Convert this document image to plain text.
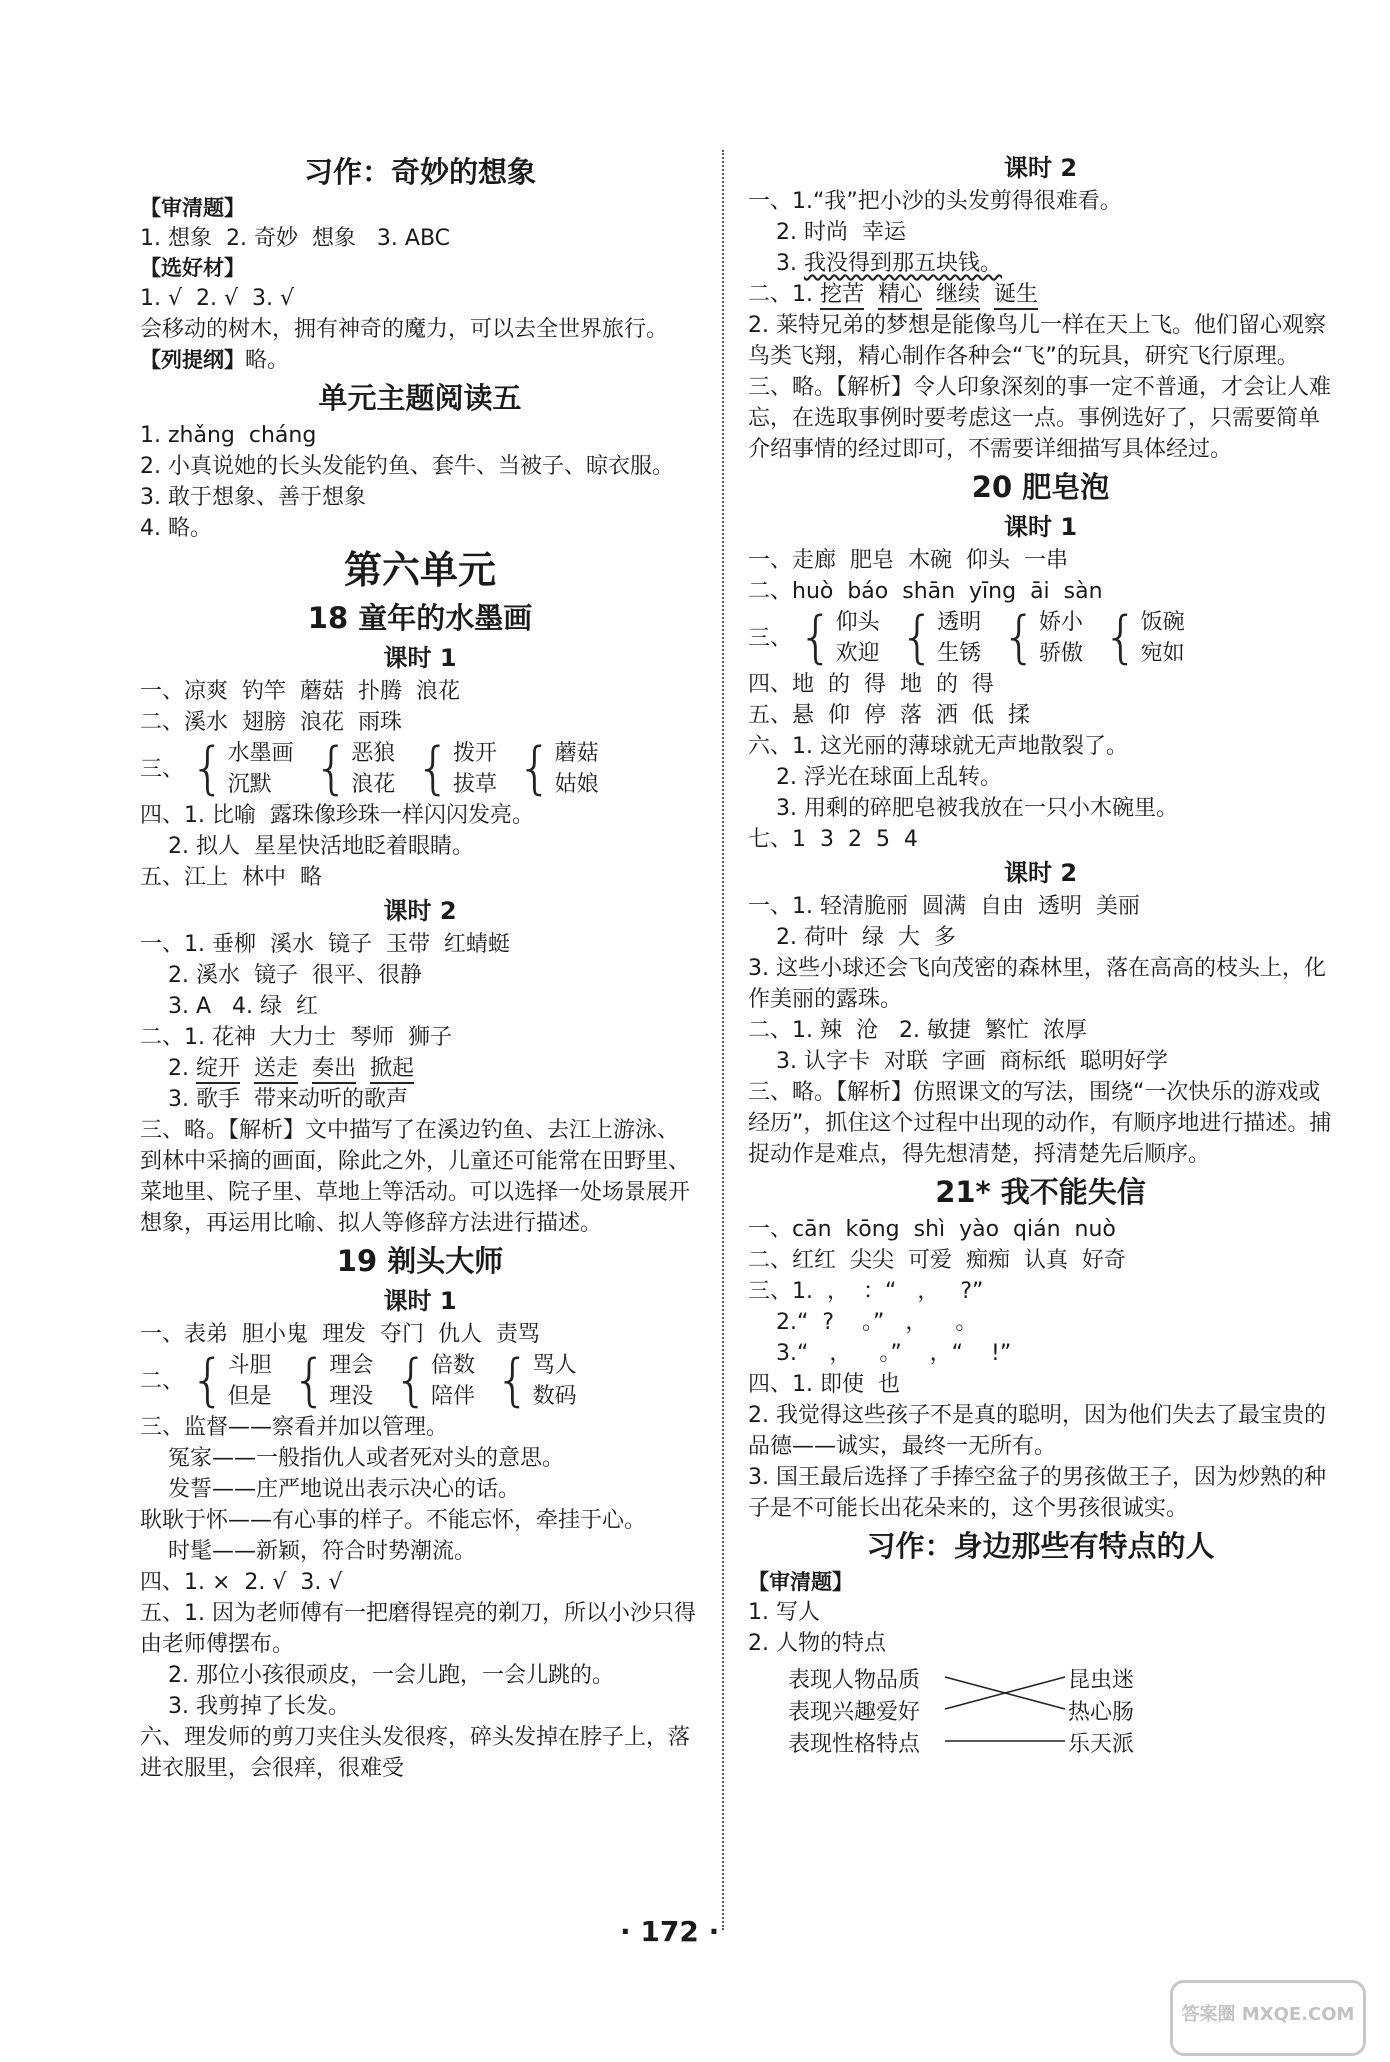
习作：奇妙的想象
【审清题】
1. 想象  2. 奇妙  想象   3. ABC
【选好材】
1. √  2. √  3. √
会移动的树木，拥有神奇的魔力，可以去全世界旅行。
【列提纲】略。
单元主题阅读五
1. zhǎng  cháng
2. 小真说她的长头发能钓鱼、套牛、当被子、晾衣服。
3. 敢于想象、善于想象
4. 略。
第六单元
18 童年的水墨画
课时 1
一、凉爽  钓竿  蘑菇  扑腾  浪花
二、溪水  翅膀  浪花  雨珠
三、 { 水墨画
沉默 { 恶狼
浪花 { 拨开
拔草 { 蘑菇
姑娘
四、1. 比喻  露珠像珍珠一样闪闪发亮。
2. 拟人  星星快活地眨着眼睛。
五、江上  林中  略
课时 2
一、1. 垂柳  溪水  镜子  玉带  红蜻蜓
2. 溪水  镜子  很平、很静
3. A   4. 绿  红
二、1. 花神  大力士  琴师  狮子
2. 绽开 送走 奏出 掀起
3. 歌手  带来动听的歌声
三、略。【解析】文中描写了在溪边钓鱼、去江上游泳、到林中采摘的画面，除此之外，儿童还可能常在田野里、菜地里、院子里、草地上等活动。可以选择一处场景展开想象，再运用比喻、拟人等修辞方法进行描述。
19 剃头大师
课时 1
一、表弟  胆小鬼  理发  夺门  仇人  责骂
二、 { 斗胆
但是 { 理会
理没 { 倍数
陪伴 { 骂人
数码
三、监督——察看并加以管理。
冤家——一般指仇人或者死对头的意思。
发誓——庄严地说出表示决心的话。
耿耿于怀——有心事的样子。不能忘怀，牵挂于心。
时髦——新颖，符合时势潮流。
四、1. ×  2. √  3. √
五、1. 因为老师傅有一把磨得锃亮的剃刀，所以小沙只得由老师傅摆布。
2. 那位小孩很顽皮，一会儿跑，一会儿跳的。
3. 我剪掉了长发。
六、理发师的剪刀夹住头发很疼，碎头发掉在脖子上，落进衣服里，会很痒，很难受
课时 2
一、1.“我”把小沙的头发剪得很难看。
2. 时尚  幸运
3. 我没得到那五块钱。
二、1. 挖苦 精心 继续 诞生
2. 莱特兄弟的梦想是能像鸟儿一样在天上飞。他们留心观察鸟类飞翔，精心制作各种会“飞”的玩具，研究飞行原理。
三、略。【解析】令人印象深刻的事一定不普通，才会让人难忘，在选取事例时要考虑这一点。事例选好了，只需要简单介绍事情的经过即可，不需要详细描写具体经过。
20 肥皂泡
课时 1
一、走廊  肥皂  木碗  仰头  一串
二、huò  báo  shān  yīng  āi  sàn
三、 { 仰头
欢迎 { 透明
生锈 { 娇小
骄傲 { 饭碗
宛如
四、地  的  得  地  的  得
五、悬  仰  停  落  洒  低  揉
六、1. 这光丽的薄球就无声地散裂了。
2. 浮光在球面上乱转。
3. 用剩的碎肥皂被我放在一只小木碗里。
七、1  3  2  5  4
课时 2
一、1. 轻清脆丽  圆满  自由  透明  美丽
2. 荷叶  绿  大  多
3. 这些小球还会飞向茂密的森林里，落在高高的枝头上，化作美丽的露珠。
二、1. 辣  沧   2. 敏捷  繁忙  浓厚
3. 认字卡  对联  字画  商标纸  聪明好学
三、略。【解析】仿照课文的写法，围绕“一次快乐的游戏或经历”，抓住这个过程中出现的动作，有顺序地进行描述。捕捉动作是难点，得先想清楚，捋清楚先后顺序。
21* 我不能失信
一、cān  kōng  shì  yào  qián  nuò
二、红红  尖尖  可爱  痴痴  认真  好奇
三、1.  ，  ：“   ，   ?”
2.“  ?    。”   ，    。
3.“   ，    。”    ，“    !”
四、1. 即使  也
2. 我觉得这些孩子不是真的聪明，因为他们失去了最宝贵的品德——诚实，最终一无所有。
3. 国王最后选择了手捧空盆子的男孩做王子，因为炒熟的种子是不可能长出花朵来的，这个男孩很诚实。
习作：身边那些有特点的人
【审清题】
1. 写人
2. 人物的特点
表现人物品质
表现兴趣爱好
表现性格特点
昆虫迷
热心肠
乐天派
· 172 ·
答案圈 MXQE.COM
